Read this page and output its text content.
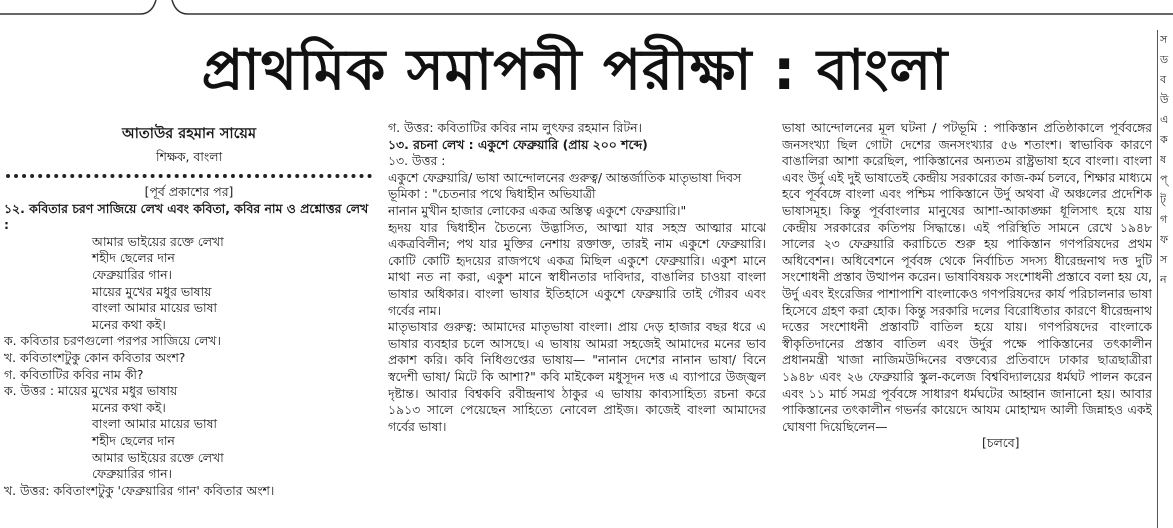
প্রাথমিক সমাপনী পরীক্ষা : বাংলা

আতাউর রহমান সায়েম

শিক্ষক, বাংলা

[পূর্ব প্রকাশের পর]

১২. কবিতার চরণ সাজিয়ে লেখ এবং কবিতা, কবির নাম ও প্রশ্নোত্তর লেখ :

আমার ভাইয়ের রক্তে লেখা

শহীদ ছেলের দান

ফেব্রুয়ারির গান।

মায়ের মুখের মধুর ভাষায়

বাংলা আমার মায়ের ভাষা

মনের কথা কই।

ক. কবিতার চরণগুলো পরপর সাজিয়ে লেখ।

খ. কবিতাংশটুকু কোন কবিতার অংশ?

গ. কবিতাটির কবির নাম কী?

ক. উত্তর : মায়ের মুখের মধুর ভাষায়

মনের কথা কই।

বাংলা আমার মায়ের ভাষা

শহীদ ছেলের দান

আমার ভাইয়ের রক্তে লেখা

ফেব্রুয়ারির গান।

খ. উত্তর: কবিতাংশটুকু 'ফেব্রুয়ারির গান' কবিতার অংশ।

গ. উত্তর: কবিতাটির কবির নাম লুৎফর রহমান রিটন।

১৩. রচনা লেখ : একুশে ফেব্রুয়ারি (প্রায় ২০০ শব্দে)

১৩. উত্তর :

একুশে ফেব্রুয়ারি/ ভাষা আন্দোলনের গুরুত্ব/ আন্তর্জাতিক মাতৃভাষা দিবস

ভূমিকা : "চেতনার পথে দ্বিধাহীন অভিযাত্রী

নানান মুখীন হাজার লোকের একত্র অস্তিত্ব একুশে ফেব্রুয়ারি।"

হৃদয় যার দ্বিধাহীন চৈতন্যে উদ্ভাসিত, আত্মা যার সহস্র আত্মার মাঝে একত্রবিলীন; পথ যার মুক্তির নেশায় রক্তাক্ত, তারই নাম একুশে ফেব্রুয়ারি। কোটি কোটি হৃদয়ের রাজপথে একত্র মিছিল একুশে ফেব্রুয়ারি। একুশ মানে মাথা নত না করা, একুশ মানে স্বাধীনতার দাবিদার, বাঙালির চাওয়া বাংলা ভাষার অধিকার। বাংলা ভাষার ইতিহাসে একুশে ফেব্রুয়ারি তাই গৌরব এবং গর্বের নাম।

মাতৃভাষার গুরুত্ব: আমাদের মাতৃভাষা বাংলা। প্রায় দেড় হাজার বছর ধরে এ ভাষার ব্যবহার চলে আসছে। এ ভাষায় আমরা সহজেই আমাদের মনের ভাব প্রকাশ করি। কবি নিধিগুপ্তের ভাষায়— "নানান দেশের নানান ভাষা/ বিনে স্বদেশী ভাষা/ মিটে কি আশা?" কবি মাইকেল মধুসূদন দত্ত এ ব্যাপারে উজ্জ্বল দৃষ্টান্ত। আবার বিশ্বকবি রবীন্দ্রনাথ ঠাকুর এ ভাষায় কাব্যসাহিত্য রচনা করে ১৯১৩ সালে পেয়েছেন সাহিত্যে নোবেল প্রাইজ। কাজেই বাংলা আমাদের গর্বের ভাষা।

ভাষা আন্দোলনের মূল ঘটনা / পটভূমি : পাকিস্তান প্রতিষ্ঠাকালে পূর্ববঙ্গের জনসংখ্যা ছিল গোটা দেশের জনসংখ্যার ৫৬ শতাংশ। স্বাভাবিক কারণে বাঙালিরা আশা করেছিল, পাকিস্তানের অন্যতম রাষ্ট্রভাষা হবে বাংলা। বাংলা এবং উর্দু এই দুই ভাষাতেই কেন্দ্রীয় সরকারের কাজ-কর্ম চলবে, শিক্ষার মাধ্যমে হবে পূর্ববঙ্গে বাংলা এবং পশ্চিম পাকিস্তানে উর্দু অথবা ঐ অঞ্চলের প্রদেশিক ভাষাসমূহ। কিন্তু পূর্ববাংলার মানুষের আশা-আকাঙ্ক্ষা ধূলিসাৎ হয়ে যায় কেন্দ্রীয় সরকারের কতিপয় সিদ্ধান্তে। এই পরিস্থিতি সামনে রেখে ১৯৪৮ সালের ২৩ ফেব্রুয়ারি করাচিতে শুরু হয় পাকিস্তান গণপরিষদের প্রথম অধিবেশন। অধিবেশনে পূর্ববঙ্গ থেকে নির্বাচিত সদস্য ধীরেন্দ্রনাথ দত্ত দুটি সংশোধনী প্রস্তাব উত্থাপন করেন। ভাষাবিষয়ক সংশোধনী প্রস্তাবে বলা হয় যে, উর্দু এবং ইংরেজির পাশাপাশি বাংলাকেও গণপরিষদের কার্য পরিচালনার ভাষা হিসেবে গ্রহণ করা হোক। কিন্তু সরকারি দলের বিরোধিতার কারণে ধীরেন্দ্রনাথ দত্তের সংশোধনী প্রস্তাবটি বাতিল হয়ে যায়। গণপরিষদের বাংলাকে স্বীকৃতিদানের প্রস্তাব বাতিল এবং উর্দুর পক্ষে পাকিস্তানের তৎকালীন প্রধানমন্ত্রী খাজা নাজিমউদ্দিনের বক্তব্যের প্রতিবাদে ঢাকার ছাত্রছাত্রীরা ১৯৪৮ এবং ২৬ ফেব্রুয়ারি স্কুল-কলেজ বিশ্ববিদ্যালয়ের ধর্মঘট পালন করেন এবং ১১ মার্চ সমগ্র পূর্ববঙ্গে সাধারণ ধর্মঘটের আহ্বান জানানো হয়। আবার পাকিস্তানের তৎকালীন গভর্নর কায়েদে আযম মোহাম্মদ আলী জিন্নাহও একই ঘোষণা দিয়েছিলেন—

[চলবে]

স
ড
ব
উ
এ
ক
ষ
প্
ট্
গ
ফ
স
ন
